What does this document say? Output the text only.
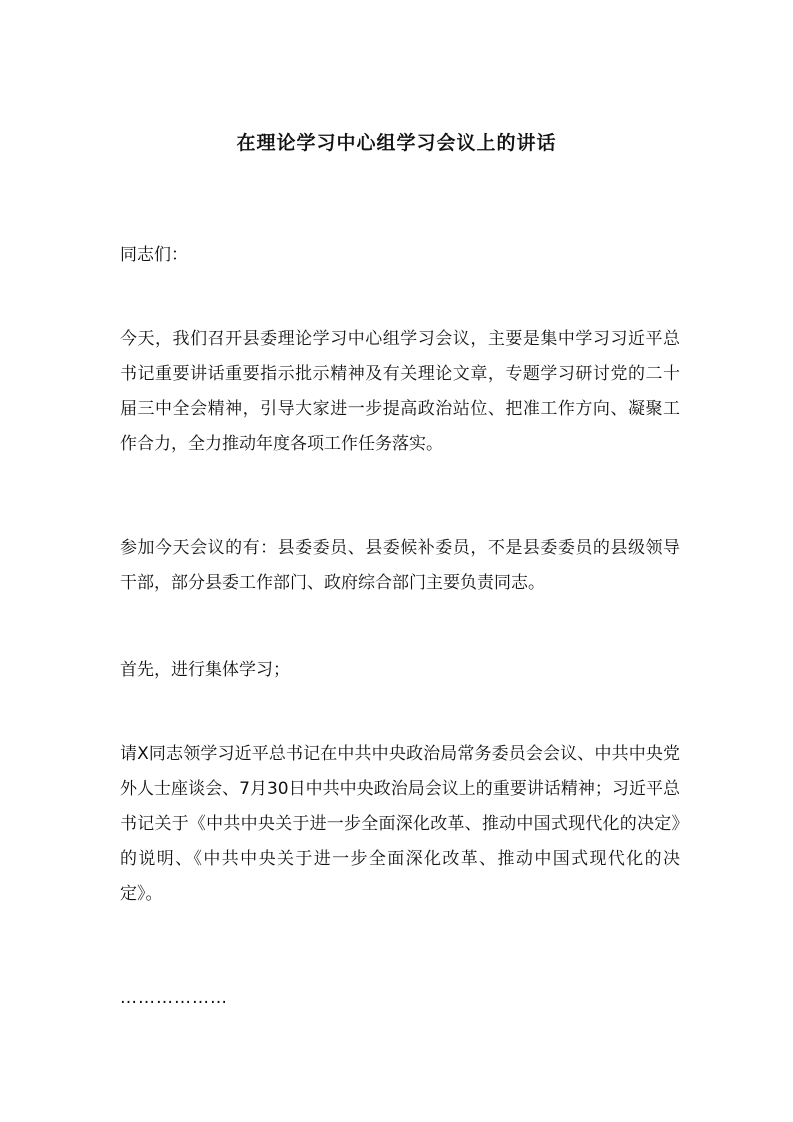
在理论学习中心组学习会议上的讲话

同志们：

今天，我们召开县委理论学习中心组学习会议，主要是集中学习习近平总书记重要讲话重要指示批示精神及有关理论文章，专题学习研讨党的二十届三中全会精神，引导大家进一步提高政治站位、把准工作方向、凝聚工作合力，全力推动年度各项工作任务落实。

参加今天会议的有：县委委员、县委候补委员，不是县委委员的县级领导干部，部分县委工作部门、政府综合部门主要负责同志。

首先，进行集体学习；

请X同志领学习近平总书记在中共中央政治局常务委员会会议、中共中央党外人士座谈会、7月30日中共中央政治局会议上的重要讲话精神；习近平总书记关于《中共中央关于进一步全面深化改革、推动中国式现代化的决定》的说明、《中共中央关于进一步全面深化改革、推动中国式现代化的决定》。

………………
